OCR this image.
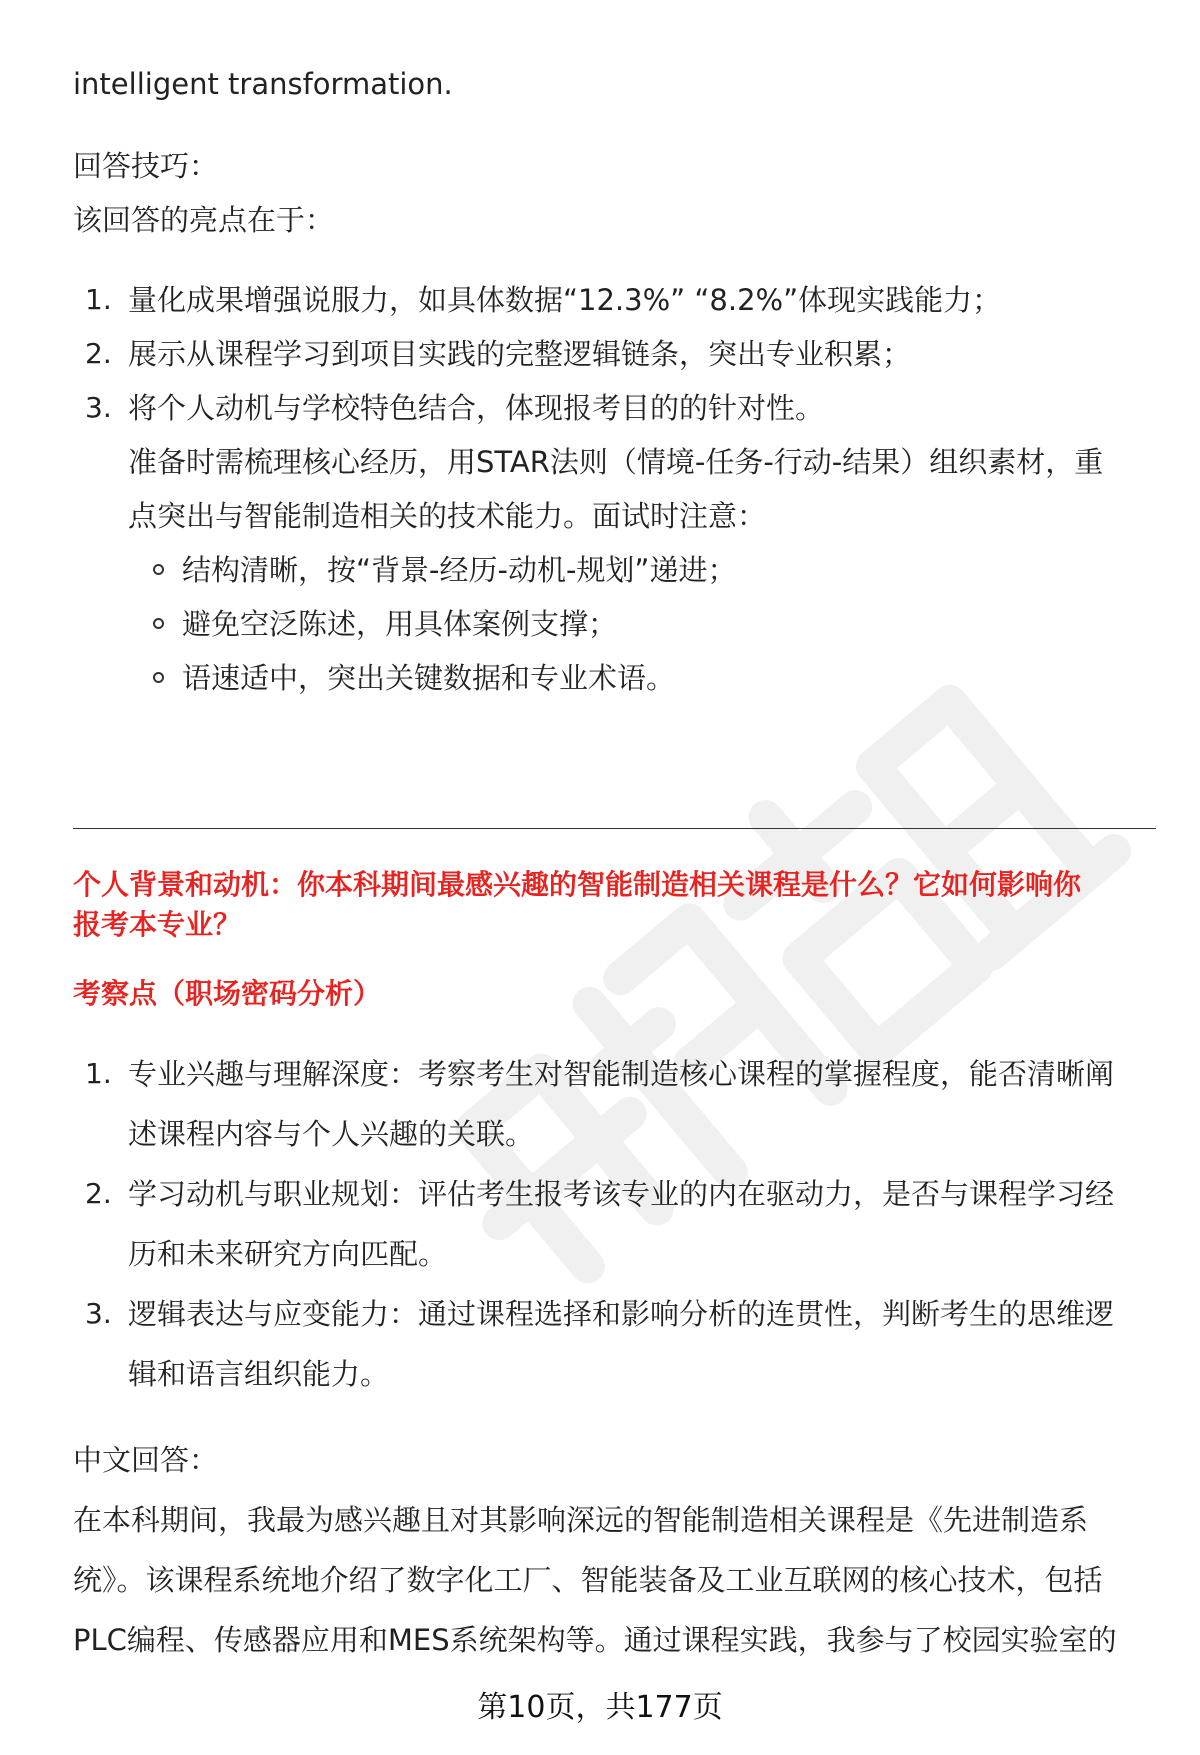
intelligent transformation.
回答技巧：
该回答的亮点在于：
1. 量化成果增强说服力，如具体数据“12.3%” “8.2%”体现实践能力；
2. 展示从课程学习到项目实践的完整逻辑链条，突出专业积累；
3. 将个人动机与学校特色结合，体现报考目的的针对性。
准备时需梳理核心经历，用STAR法则（情境-任务-行动-结果）组织素材，重
点突出与智能制造相关的技术能力。面试时注意：
结构清晰，按“背景-经历-动机-规划”递进；
避免空泛陈述，用具体案例支撑；
语速适中，突出关键数据和专业术语。
个人背景和动机：你本科期间最感兴趣的智能制造相关课程是什么？它如何影响你
报考本专业？
考察点（职场密码分析）
1. 专业兴趣与理解深度：考察考生对智能制造核心课程的掌握程度，能否清晰阐
述课程内容与个人兴趣的关联。
2. 学习动机与职业规划：评估考生报考该专业的内在驱动力，是否与课程学习经
历和未来研究方向匹配。
3. 逻辑表达与应变能力：通过课程选择和影响分析的连贯性，判断考生的思维逻
辑和语言组织能力。
中文回答：
在本科期间，我最为感兴趣且对其影响深远的智能制造相关课程是《先进制造系
统》。该课程系统地介绍了数字化工厂、智能装备及工业互联网的核心技术，包括
PLC编程、传感器应用和MES系统架构等。通过课程实践，我参与了校园实验室的
第10页，共177页
